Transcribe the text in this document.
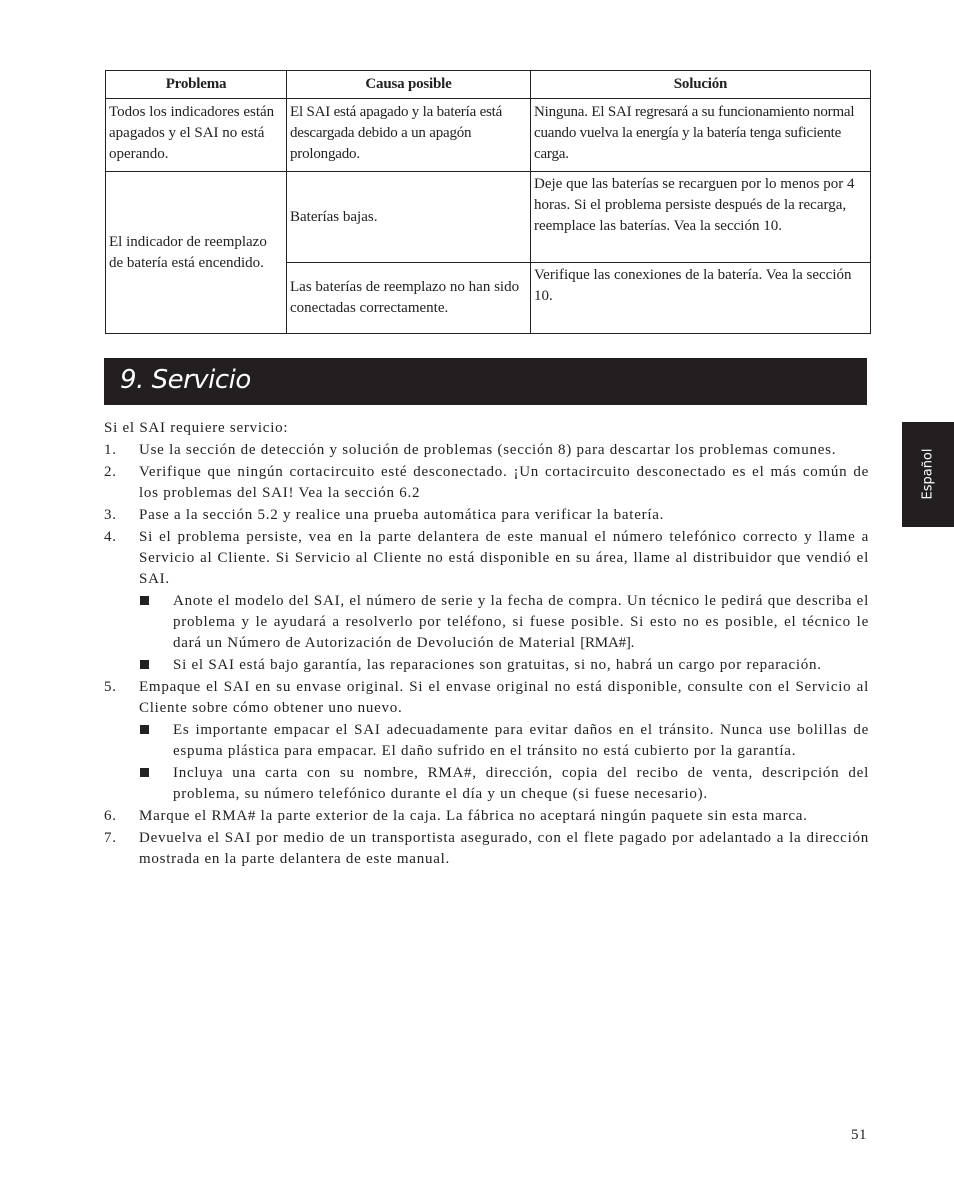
Problema	Causa posible	Solución
Todos los indicadores están apagados y el SAI no está operando.	El SAI está apagado y la batería está descargada debido a un apagón prolongado.	Ninguna. El SAI regresará a su funcionamiento normal cuando vuelva la energía y la batería tenga suficiente carga.
El indicador de reemplazo de batería está encendido.	Baterías bajas.	Deje que las baterías se recarguen por lo menos por 4 horas. Si el problema persiste después de la recarga, reemplace las baterías. Vea la sección 10.
	Las baterías de reemplazo no han sido conectadas correctamente.	Verifique las conexiones de la batería. Vea la sección 10.
9. Servicio
Español

Si el SAI requiere servicio:

1. Use la sección de detección y solución de problemas (sección 8) para descartar los problemas comunes.
2. Verifique que ningún cortacircuito esté desconectado. ¡Un cortacircuito desconectado es el más común de los problemas del SAI! Vea la sección 6.2
3. Pase a la sección 5.2 y realice una prueba automática para verificar la batería.
4. Si el problema persiste, vea en la parte delantera de este manual el número telefónico correcto y llame a Servicio al Cliente. Si Servicio al Cliente no está disponible en su área, llame al distribuidor que vendió el SAI.
Anote el modelo del SAI, el número de serie y la fecha de compra. Un técnico le pedirá que describa el problema y le ayudará a resolverlo por teléfono, si fuese posible. Si esto no es posible, el técnico le dará un Número de Autorización de Devolución de Material [RMA#].
Si el SAI está bajo garantía, las reparaciones son gratuitas, si no, habrá un cargo por reparación.
5. Empaque el SAI en su envase original. Si el envase original no está disponible, consulte con el Servicio al Cliente sobre cómo obtener uno nuevo.
Es importante empacar el SAI adecuadamente para evitar daños en el tránsito. Nunca use bolillas de espuma plástica para empacar. El daño sufrido en el tránsito no está cubierto por la garantía.
Incluya una carta con su nombre, RMA#, dirección, copia del recibo de venta, descripción del problema, su número telefónico durante el día y un cheque (si fuese necesario).
6. Marque el RMA# la parte exterior de la caja. La fábrica no aceptará ningún paquete sin esta marca.
7. Devuelva el SAI por medio de un transportista asegurado, con el flete pagado por adelantado a la dirección mostrada en la parte delantera de este manual.
51
